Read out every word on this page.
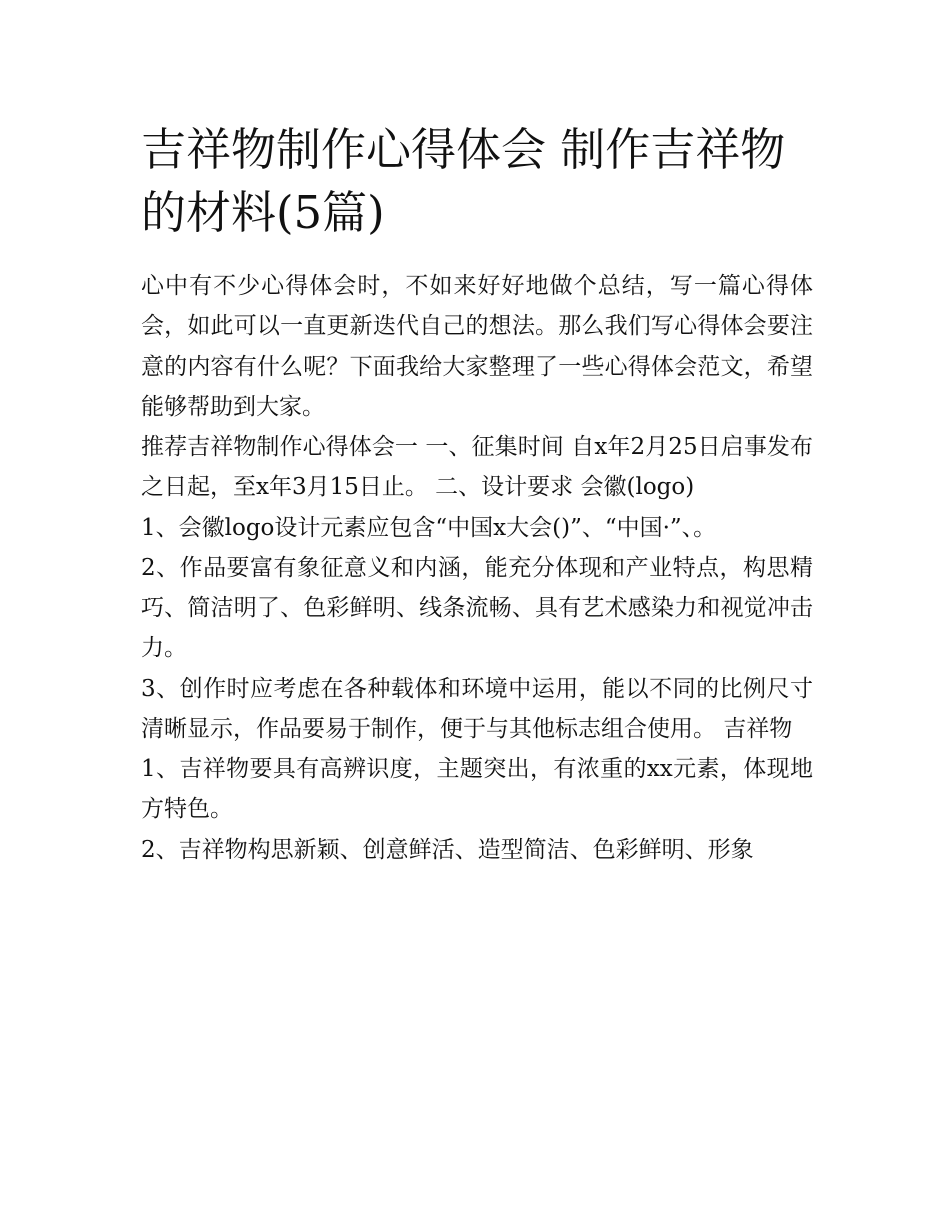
吉祥物制作心得体会 制作吉祥物的材料(5篇)

心中有不少心得体会时，不如来好好地做个总结，写一篇心得体会，如此可以一直更新迭代自己的想法。那么我们写心得体会要注意的内容有什么呢？下面我给大家整理了一些心得体会范文，希望能够帮助到大家。

推荐吉祥物制作心得体会一 一、征集时间 自x年2月25日启事发布之日起，至x年3月15日止。 二、设计要求 会徽(logo)

1、会徽logo设计元素应包含“中国x大会()”、“中国·”、。

2、作品要富有象征意义和内涵，能充分体现和产业特点，构思精巧、简洁明了、色彩鲜明、线条流畅、具有艺术感染力和视觉冲击力。

3、创作时应考虑在各种载体和环境中运用，能以不同的比例尺寸清晰显示，作品要易于制作，便于与其他标志组合使用。 吉祥物

1、吉祥物要具有高辨识度，主题突出，有浓重的xx元素，体现地方特色。

2、吉祥物构思新颖、创意鲜活、造型简洁、色彩鲜明、形象
